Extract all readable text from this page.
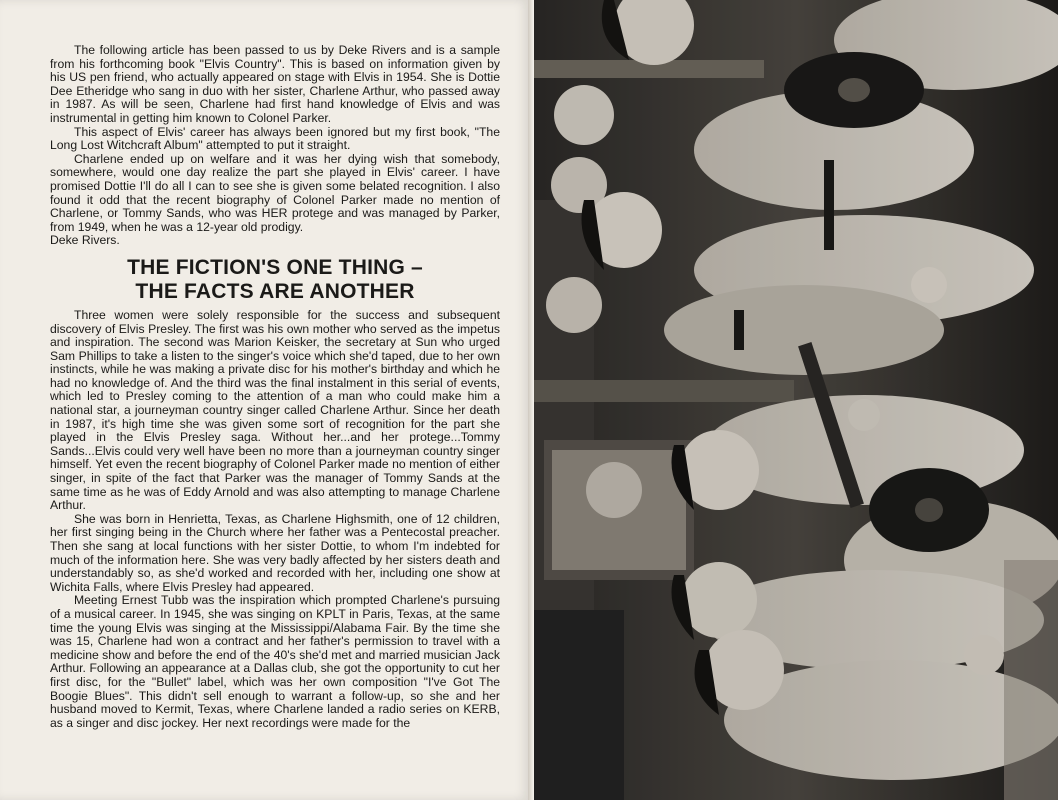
The following article has been passed to us by Deke Rivers and is a sample from his forthcoming book "Elvis Country". This is based on information given by his US pen friend, who actually appeared on stage with Elvis in 1954. She is Dottie Dee Etheridge who sang in duo with her sister, Charlene Arthur, who passed away in 1987. As will be seen, Charlene had first hand knowledge of Elvis and was instrumental in getting him known to Colonel Parker.

This aspect of Elvis' career has always been ignored but my first book, "The Long Lost Witchcraft Album" attempted to put it straight.

Charlene ended up on welfare and it was her dying wish that somebody, somewhere, would one day realize the part she played in Elvis' career. I have promised Dottie I'll do all I can to see she is given some belated recognition. I also found it odd that the recent biography of Colonel Parker made no mention of Charlene, or Tommy Sands, who was HER protege and was managed by Parker, from 1949, when he was a 12-year old prodigy.

Deke Rivers.

THE FICTION'S ONE THING –
THE FACTS ARE ANOTHER

Three women were solely responsible for the success and subsequent discovery of Elvis Presley. The first was his own mother who served as the impetus and inspiration. The second was Marion Keisker, the secretary at Sun who urged Sam Phillips to take a listen to the singer's voice which she'd taped, due to her own instincts, while he was making a private disc for his mother's birthday and which he had no knowledge of. And the third was the final instalment in this serial of events, which led to Presley coming to the attention of a man who could make him a national star, a journeyman country singer called Charlene Arthur. Since her death in 1987, it's high time she was given some sort of recognition for the part she played in the Elvis Presley saga. Without her...and her protege...Tommy Sands...Elvis could very well have been no more than a journeyman country singer himself. Yet even the recent biography of Colonel Parker made no mention of either singer, in spite of the fact that Parker was the manager of Tommy Sands at the same time as he was of Eddy Arnold and was also attempting to manage Charlene Arthur.

She was born in Henrietta, Texas, as Charlene Highsmith, one of 12 children, her first singing being in the Church where her father was a Pentecostal preacher. Then she sang at local functions with her sister Dottie, to whom I'm indebted for much of the information here. She was very badly affected by her sisters death and understandably so, as she'd worked and recorded with her, including one show at Wichita Falls, where Elvis Presley had appeared.

Meeting Ernest Tubb was the inspiration which prompted Charlene's pursuing of a musical career. In 1945, she was singing on KPLT in Paris, Texas, at the same time the young Elvis was singing at the Mississippi/Alabama Fair. By the time she was 15, Charlene had won a contract and her father's permission to travel with a medicine show and before the end of the 40's she'd met and married musician Jack Arthur. Following an appearance at a Dallas club, she got the opportunity to cut her first disc, for the "Bullet" label, which was her own composition "I've Got The Boogie Blues". This didn't sell enough to warrant a follow-up, so she and her husband moved to Kermit, Texas, where Charlene landed a radio series on KERB, as a singer and disc jockey. Her next recordings were made for the
